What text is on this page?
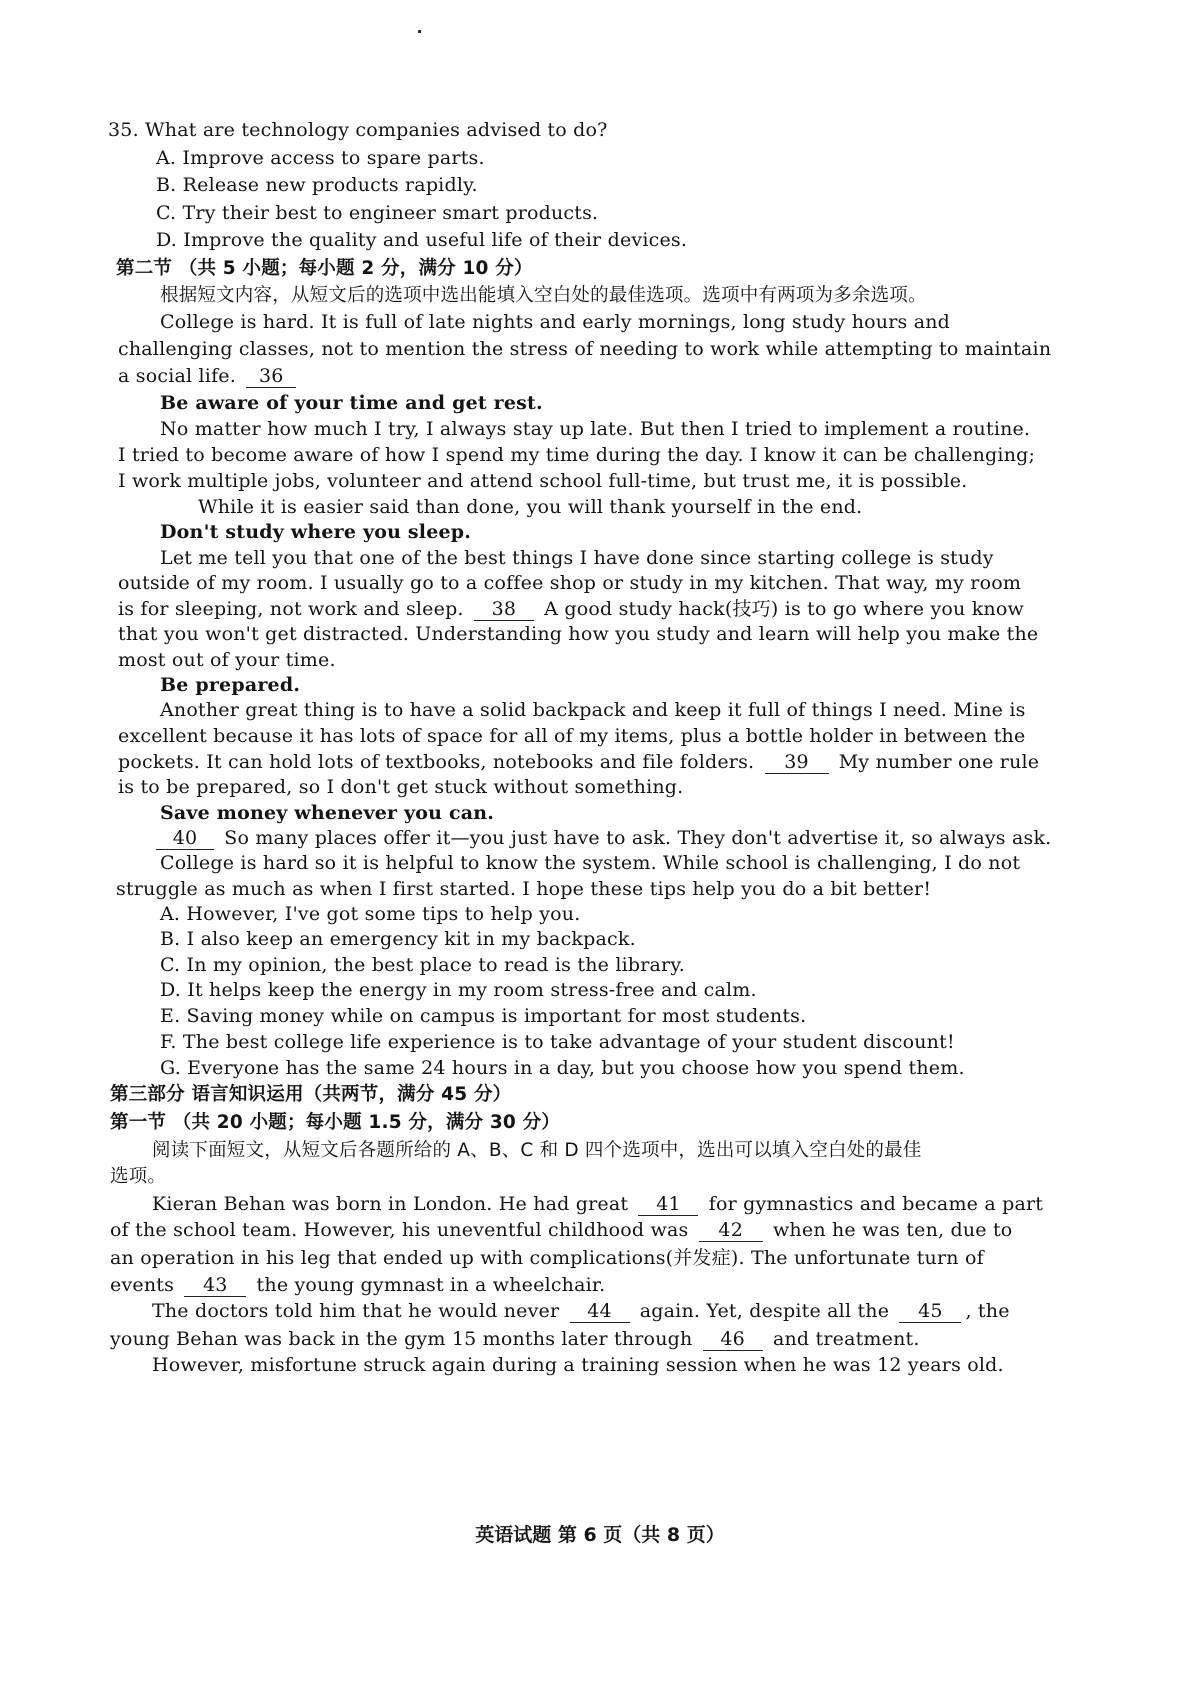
35. What are technology companies advised to do?
A. Improve access to spare parts.
B. Release new products rapidly.
C. Try their best to engineer smart products.
D. Improve the quality and useful life of their devices.
第二节 （共 5 小题；每小题 2 分，满分 10 分）
根据短文内容，从短文后的选项中选出能填入空白处的最佳选项。选项中有两项为多余选项。
College is hard. It is full of late nights and early mornings, long study hours and
challenging classes, not to mention the stress of needing to work while attempting to maintain
a social life. 36
Be aware of your time and get rest.
No matter how much I try, I always stay up late. But then I tried to implement a routine.
I tried to become aware of how I spend my time during the day. I know it can be challenging;
I work multiple jobs, volunteer and attend school full-time, but trust me, it is possible.
While it is easier said than done, you will thank yourself in the end.
Don't study where you sleep.
Let me tell you that one of the best things I have done since starting college is study
outside of my room. I usually go to a coffee shop or study in my kitchen. That way, my room
is for sleeping, not work and sleep. 38 A good study hack(技巧) is to go where you know
that you won't get distracted. Understanding how you study and learn will help you make the
most out of your time.
Be prepared.
Another great thing is to have a solid backpack and keep it full of things I need. Mine is
excellent because it has lots of space for all of my items, plus a bottle holder in between the
pockets. It can hold lots of textbooks, notebooks and file folders. 39 My number one rule
is to be prepared, so I don't get stuck without something.
Save money whenever you can.
40 So many places offer it—you just have to ask. They don't advertise it, so always ask.
College is hard so it is helpful to know the system. While school is challenging, I do not
struggle as much as when I first started. I hope these tips help you do a bit better!
A. However, I've got some tips to help you.
B. I also keep an emergency kit in my backpack.
C. In my opinion, the best place to read is the library.
D. It helps keep the energy in my room stress-free and calm.
E. Saving money while on campus is important for most students.
F. The best college life experience is to take advantage of your student discount!
G. Everyone has the same 24 hours in a day, but you choose how you spend them.
第三部分 语言知识运用（共两节，满分 45 分）
第一节 （共 20 小题；每小题 1.5 分，满分 30 分）
阅读下面短文，从短文后各题所给的 A、B、C 和 D 四个选项中，选出可以填入空白处的最佳
选项。
Kieran Behan was born in London. He had great 41 for gymnastics and became a part
of the school team. However, his uneventful childhood was 42 when he was ten, due to
an operation in his leg that ended up with complications(并发症). The unfortunate turn of
events 43 the young gymnast in a wheelchair.
The doctors told him that he would never 44 again. Yet, despite all the 45 , the
young Behan was back in the gym 15 months later through 46 and treatment.
However, misfortune struck again during a training session when he was 12 years old.
英语试题 第 6 页（共 8 页）
